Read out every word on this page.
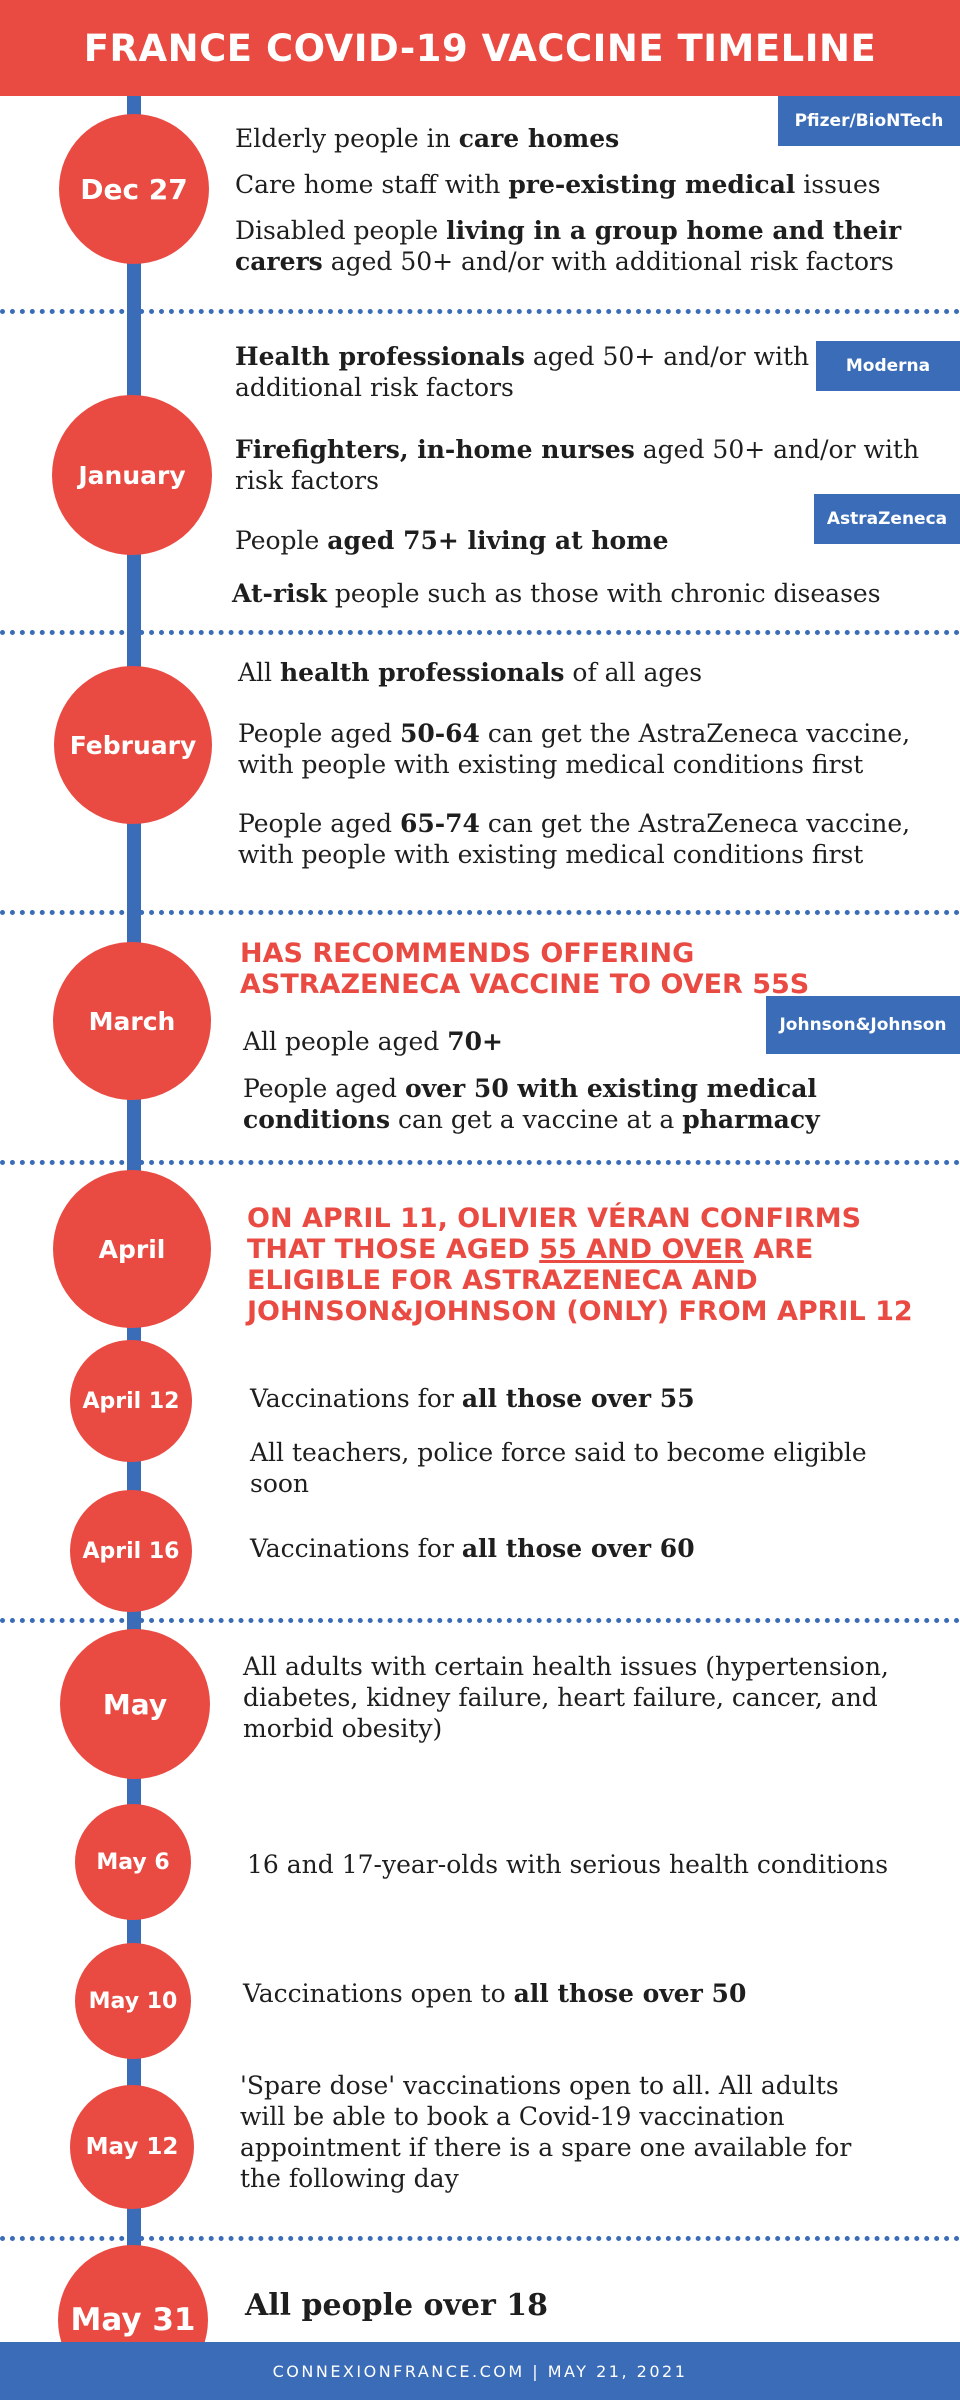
FRANCE COVID-19 VACCINE TIMELINE
Dec 27
January
February
March
April
April 12
April 16
May
May 6
May 10
May 12
May 31
Pfizer/BioNTech
Moderna
AstraZeneca
Johnson&Johnson

Elderly people in care homes

Care home staff with pre-existing medical issues

Disabled people living in a group home and their carers aged 50+ and/or with additional risk factors

Health professionals aged 50+ and/or with additional risk factors

Firefighters, in-home nurses aged 50+ and/or with risk factors

People aged 75+ living at home

At-risk people such as those with chronic diseases

All health professionals of all ages

People aged 50-64 can get the AstraZeneca vaccine, with people with existing medical conditions first

People aged 65-74 can get the AstraZeneca vaccine, with people with existing medical conditions first

HAS RECOMMENDS OFFERING ASTRAZENECA VACCINE TO OVER 55S

All people aged 70+

People aged over 50 with existing medical conditions can get a vaccine at a pharmacy

ON APRIL 11, OLIVIER VÉRAN CONFIRMS THAT THOSE AGED 55 AND OVER ARE ELIGIBLE FOR ASTRAZENECA AND JOHNSON&JOHNSON (ONLY) FROM APRIL 12

Vaccinations for all those over 55

All teachers, police force said to become eligible soon

Vaccinations for all those over 60

All adults with certain health issues (hypertension, diabetes, kidney failure, heart failure, cancer, and morbid obesity)

16 and 17-year-olds with serious health conditions

Vaccinations open to all those over 50

'Spare dose' vaccinations open to all. All adults will be able to book a Covid-19 vaccination appointment if there is a spare one available for the following day

All people over 18

CONNEXIONFRANCE.COM | MAY 21, 2021
